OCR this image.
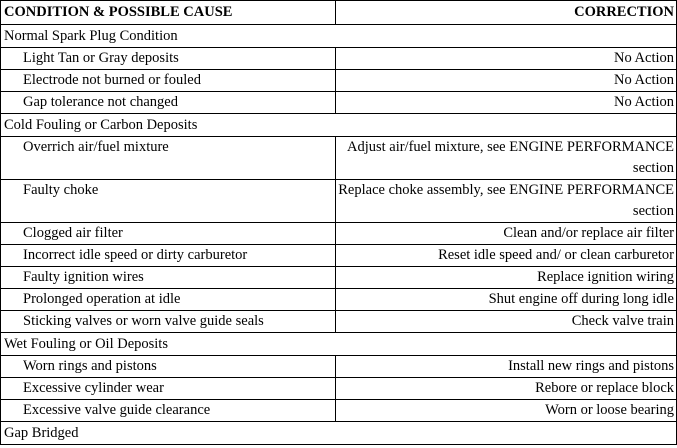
CONDITION & POSSIBLE CAUSE	CORRECTION
Normal Spark Plug Condition	
Light Tan or Gray deposits	No Action
Electrode not burned or fouled	No Action
Gap tolerance not changed	No Action
Cold Fouling or Carbon Deposits	
Overrich air/fuel mixture	Adjust air/fuel mixture, see ENGINE PERFORMANCE section
Faulty choke	Replace choke assembly, see ENGINE PERFORMANCE section
Clogged air filter	Clean and/or replace air filter
Incorrect idle speed or dirty carburetor	Reset idle speed and/ or clean carburetor
Faulty ignition wires	Replace ignition wiring
Prolonged operation at idle	Shut engine off during long idle
Sticking valves or worn valve guide seals	Check valve train
Wet Fouling or Oil Deposits	
Worn rings and pistons	Install new rings and pistons
Excessive cylinder wear	Rebore or replace block
Excessive valve guide clearance	Worn or loose bearing
Gap Bridged	
